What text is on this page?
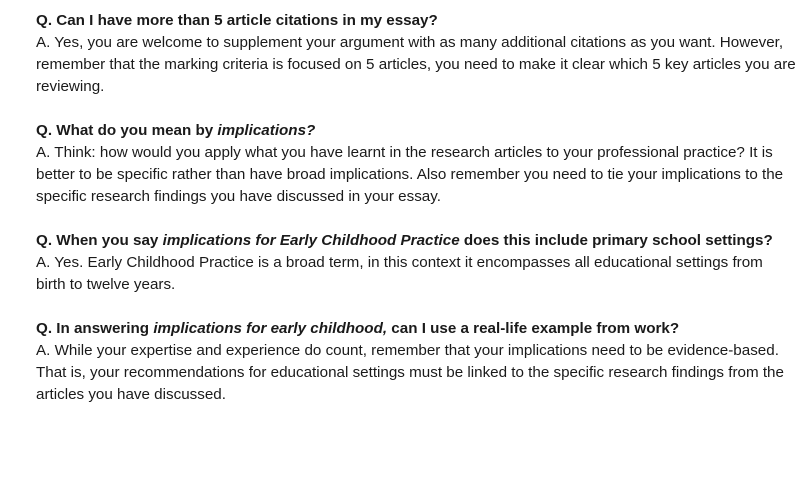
Q. Can I have more than 5 article citations in my essay?

A. Yes, you are welcome to supplement your argument with as many additional citations as you want. However, remember that the marking criteria is focused on 5 articles, you need to make it clear which 5 key articles you are reviewing.

Q. What do you mean by implications?

A. Think: how would you apply what you have learnt in the research articles to your professional practice? It is better to be specific rather than have broad implications. Also remember you need to tie your implications to the specific research findings you have discussed in your essay.

Q. When you say implications for Early Childhood Practice does this include primary school settings?

A. Yes. Early Childhood Practice is a broad term, in this context it encompasses all educational settings from birth to twelve years.

Q. In answering implications for early childhood, can I use a real-life example from work?

A. While your expertise and experience do count, remember that your implications need to be evidence-based. That is, your recommendations for educational settings must be linked to the specific research findings from the articles you have discussed.
